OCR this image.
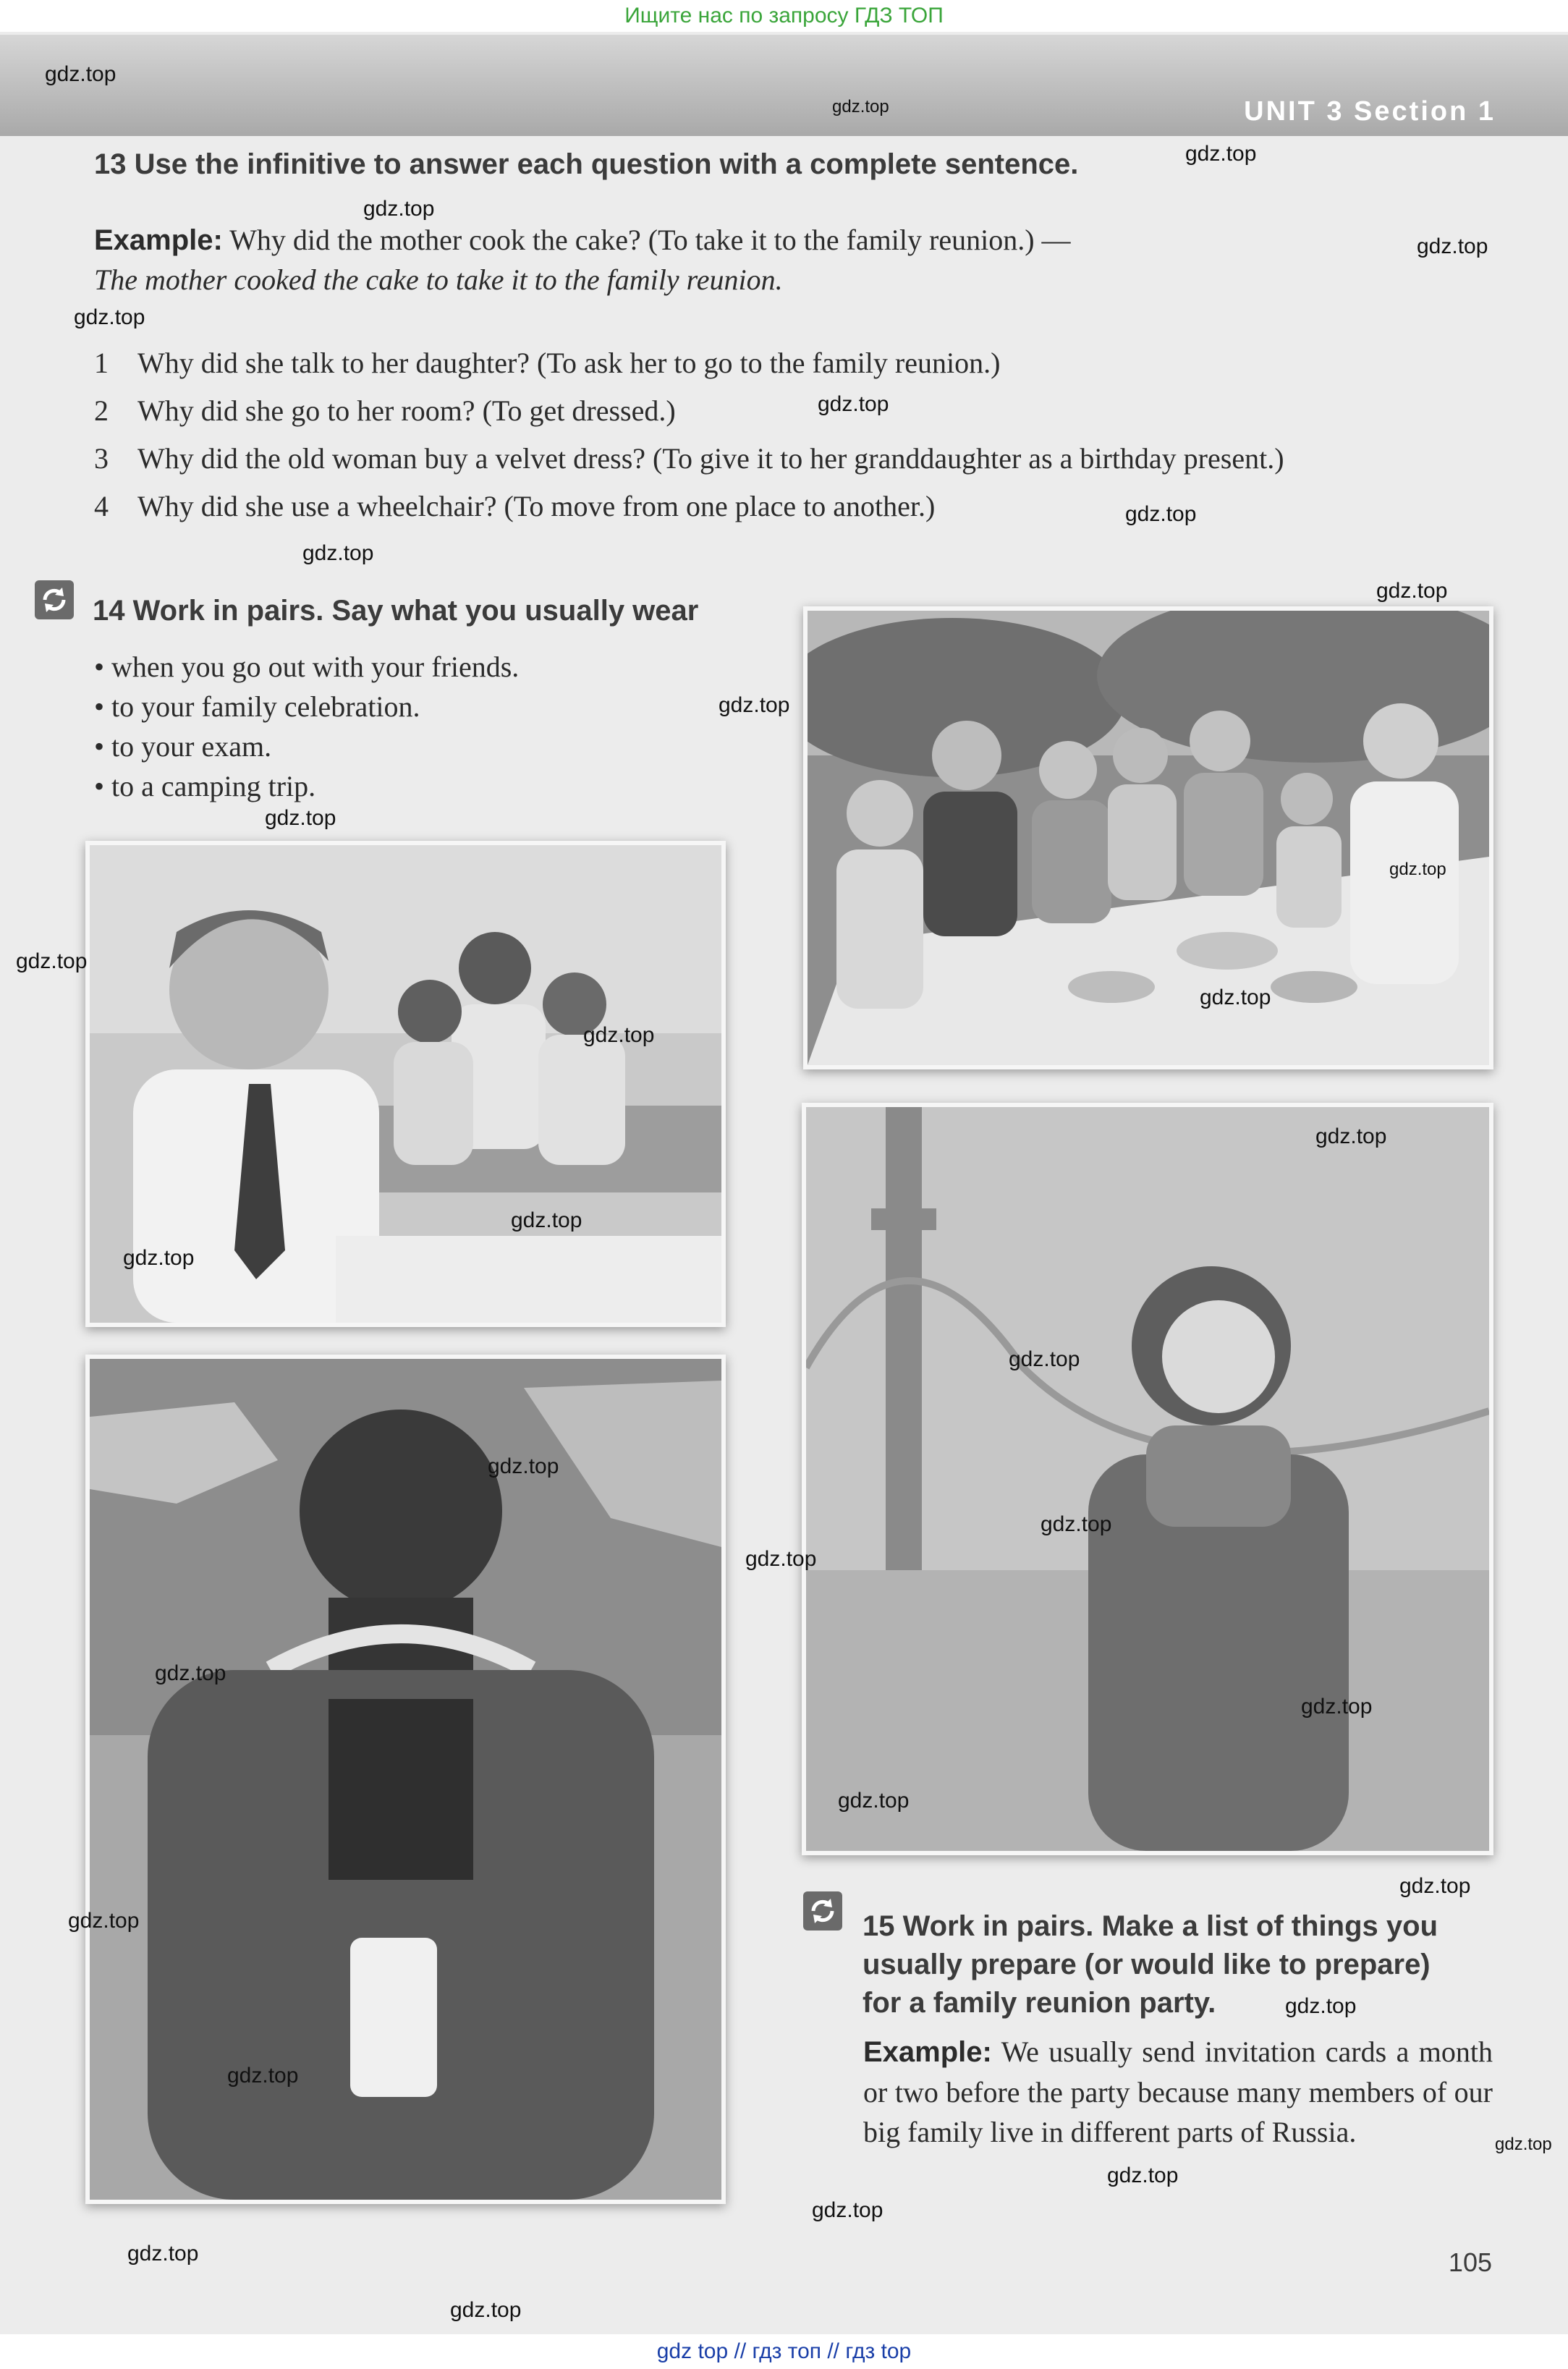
Ищите нас по запросу ГДЗ ТОП
UNIT 3 Section 1
13 Use the infinitive to answer each question with a complete sentence.
Example: Why did the mother cook the cake? (To take it to the family reunion.) —
The mother cooked the cake to take it to the family reunion.
1 Why did she talk to her daughter? (To ask her to go to the family reunion.)
2 Why did she go to her room? (To get dressed.)
3 Why did the old woman buy a velvet dress? (To give it to her granddaughter as a birthday present.)
4 Why did she use a wheelchair? (To move from one place to another.)
14 Work in pairs. Say what you usually wear
• when you go out with your friends.
• to your family celebration.
• to your exam.
• to a camping trip.
15 Work in pairs. Make a list of things you
usually prepare (or would like to prepare)
for a family reunion party.
Example: We usually send invitation cards a month or two before the party because many members of our big family live in different parts of Russia.
105
gdz.top
gdz.top
gdz.top
gdz.top
gdz.top
gdz.top
gdz.top
gdz.top
gdz.top
gdz.top
gdz.top
gdz.top
gdz.top
gdz.top
gdz.top
gdz.top
gdz.top
gdz.top
gdz.top
gdz.top
gdz.top
gdz.top
gdz.top
gdz.top
gdz.top
gdz.top
gdz.top
gdz.top
gdz.top
gdz.top
gdz.top
gdz.top
gdz.top
gdz.top
gdz.top
gdz top // гдз топ // гдз top
